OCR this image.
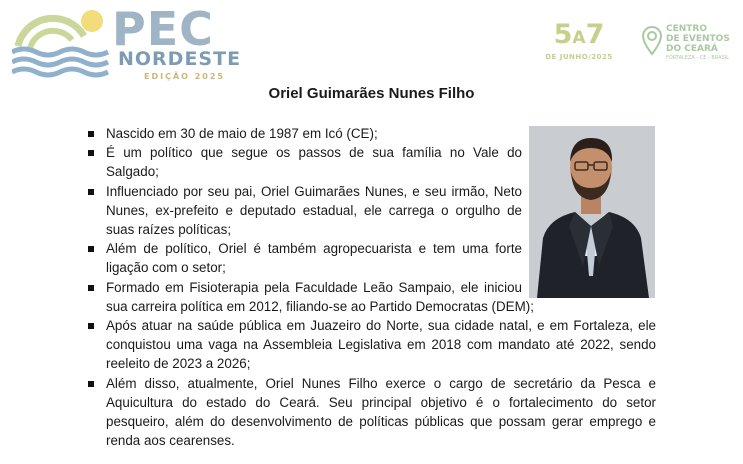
PEC
NORDESTE
EDIÇÃO 2025
5A7
DE JUNHO/2025
CENTRO
DE EVENTOS
DO CEARÁ
FORTALEZA - CE - BRASIL
Oriel Guimarães Nunes Filho
Nascido em 30 de maio de 1987 em Icó (CE);
É um político que segue os passos de sua família no Vale do Salgado;
Influenciado por seu pai, Oriel Guimarães Nunes, e seu irmão, Neto Nunes, ex-prefeito e deputado estadual, ele carrega o orgulho de suas raízes políticas;
Além de político, Oriel é também agropecuarista e tem uma forte ligação com o setor;
Formado em Fisioterapia pela Faculdade Leão Sampaio, ele iniciou sua carreira política em 2012, filiando-se ao Partido Democratas (DEM);
Após atuar na saúde pública em Juazeiro do Norte, sua cidade natal, e em Fortaleza, ele conquistou uma vaga na Assembleia Legislativa em 2018 com mandato até 2022, sendo reeleito de 2023 a 2026;
Além disso, atualmente, Oriel Nunes Filho exerce o cargo de secretário da Pesca e Aquicultura do estado do Ceará. Seu principal objetivo é o fortalecimento do setor pesqueiro, além do desenvolvimento de políticas públicas que possam gerar emprego e renda aos cearenses.
